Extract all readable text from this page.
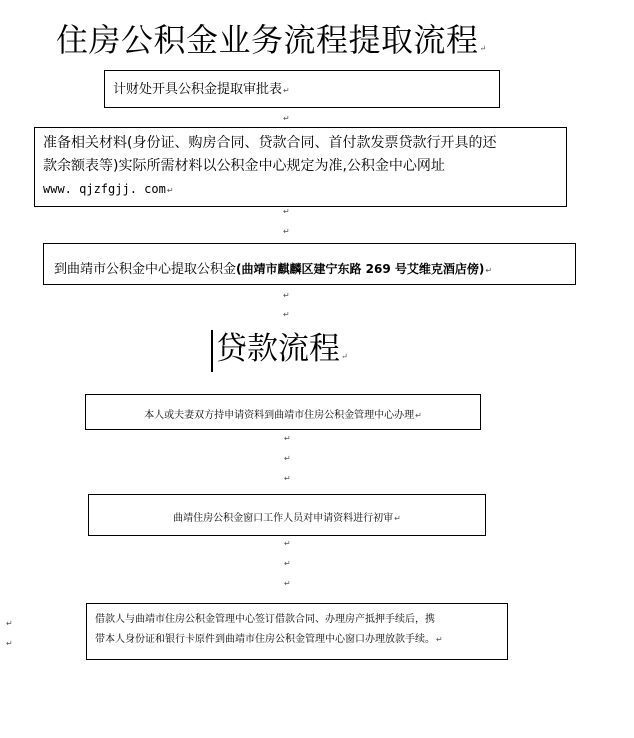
住房公积金业务流程提取流程↵
计财处开具公积金提取审批表↵
↵
准备相关材料(身份证、购房合同、贷款合同、首付款发票贷款行开具的还
款余额表等)实际所需材料以公积金中心规定为准,公积金中心网址
www. qjzfgjj. com↵
↵
↵
到曲靖市公积金中心提取公积金(曲靖市麒麟区建宁东路 269 号艾维克酒店傍)↵
↵
↵
贷款流程↵
本人或夫妻双方持申请资料到曲靖市住房公积金管理中心办理↵
↵
↵
↵
曲靖住房公积金窗口工作人员对申请资料进行初审↵
↵
↵
↵
↵
↵
借款人与曲靖市住房公积金管理中心签订借款合同、办理房产抵押手续后，携
带本人身份证和银行卡原件到曲靖市住房公积金管理中心窗口办理放款手续。↵
